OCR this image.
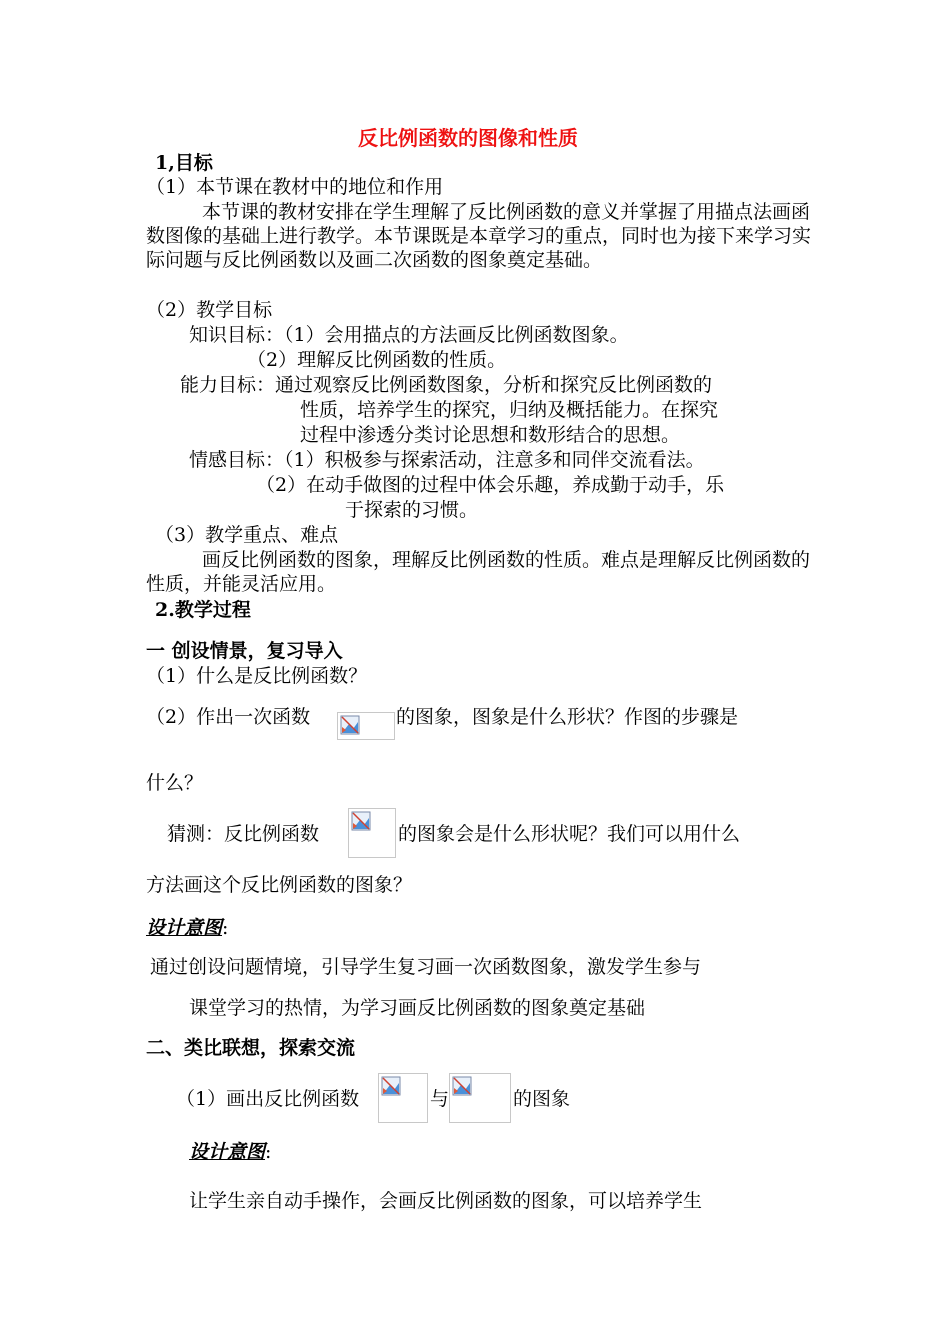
反比例函数的图像和性质
1,目标
（1）本节课在教材中的地位和作用
本节课的教材安排在学生理解了反比例函数的意义并掌握了用描点法画函数图像的基础上进行教学。本节课既是本章学习的重点，同时也为接下来学习实际问题与反比例函数以及画二次函数的图象奠定基础。
（2）教学目标
知识目标：（1）会用描点的方法画反比例函数图象。
（2）理解反比例函数的性质。
能力目标：通过观察反比例函数图象，分析和探究反比例函数的
性质，培养学生的探究，归纳及概括能力。在探究
过程中渗透分类讨论思想和数形结合的思想。
情感目标：（1）积极参与探索活动，注意多和同伴交流看法。
（2）在动手做图的过程中体会乐趣，养成勤于动手，乐
于探索的习惯。
（3）教学重点、难点
画反比例函数的图象，理解反比例函数的性质。难点是理解反比例函数的性质，并能灵活应用。
2.教学过程
一 创设情景，复习导入
（1）什么是反比例函数？
（2）作出一次函数	的图象，图象是什么形状？作图的步骤是
什么？
猜测：反比例函数	的图象会是什么形状呢？我们可以用什么
方法画这个反比例函数的图象？
设计意图:
通过创设问题情境，引导学生复习画一次函数图象，激发学生参与
课堂学习的热情，为学习画反比例函数的图象奠定基础
二、类比联想，探索交流
（1）画出反比例函数	与	的图象
设计意图:
让学生亲自动手操作，会画反比例函数的图象，可以培养学生
